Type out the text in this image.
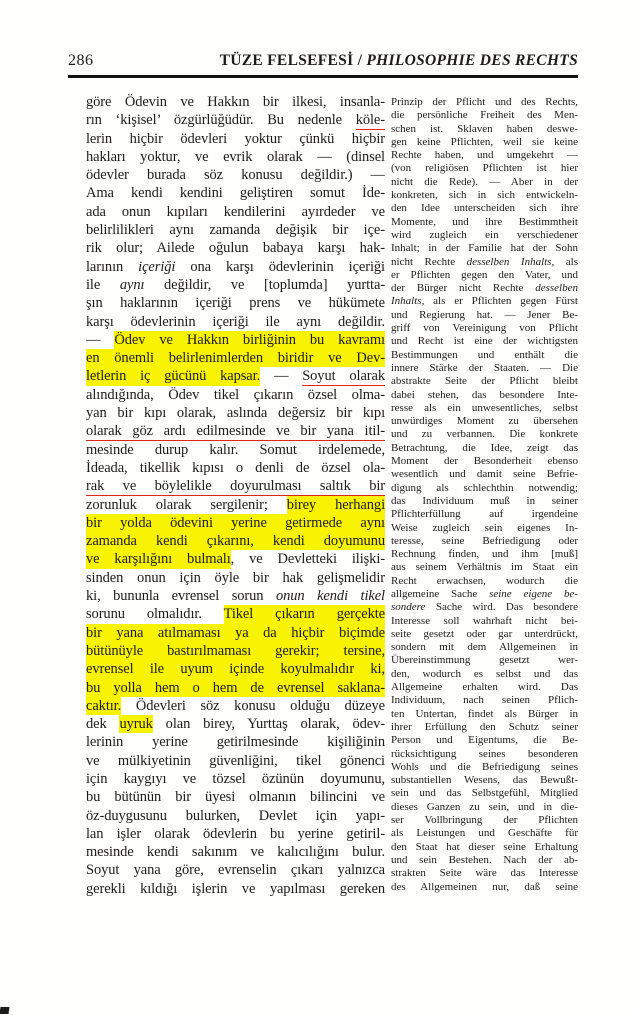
286	TÜZE FELSEFESİ / PHILOSOPHIE DES RECHTS
göre Ödevin ve Hakkın bir ilkesi, insanla-
rın ‘kişisel’ özgürlüğüdür. Bu nedenle köle-
lerin hiçbir ödevleri yoktur çünkü hiçbir
hakları yoktur, ve evrik olarak — (dinsel
ödevler burada söz konusu değildir.) —
Ama kendi kendini geliştiren somut İde-
ada onun kıpıları kendilerini ayırdeder ve
belirlilikleri aynı zamanda değişik bir içe-
rik olur; Ailede oğulun babaya karşı hak-
larının içeriği ona karşı ödevlerinin içeriği
ile aynı değildir, ve [toplumda] yurtta-
şın haklarının içeriği prens ve hükümete
karşı ödevlerinin içeriği ile aynı değildir.
— Ödev ve Hakkın birliğinin bu kavramı
en önemli belirlenimlerden biridir ve Dev-
letlerin iç gücünü kapsar. — Soyut olarak
alındığında, Ödev tikel çıkarın özsel olma-
yan bir kıpı olarak, aslında değersiz bir kıpı
olarak göz ardı edilmesinde ve bir yana itil-
mesinde durup kalır. Somut irdelemede,
İdeada, tikellik kıpısı o denli de özsel ola-
rak ve böylelikle doyurulması saltık bir
zorunluk olarak sergilenir; birey herhangi
bir yolda ödevini yerine getirmede aynı
zamanda kendi çıkarını, kendi doyumunu
ve karşılığını bulmalı, ve Devletteki ilişki-
sinden onun için öyle bir hak gelişmelidir
ki, bununla evrensel sorun onun kendi tikel
sorunu olmalıdır. Tikel çıkarın gerçekte
bir yana atılmaması ya da hiçbir biçimde
bütünüyle bastırılmaması gerekir; tersine,
evrensel ile uyum içinde koyulmalıdır ki,
bu yolla hem o hem de evrensel saklana-
caktır. Ödevleri söz konusu olduğu düzeye
dek uyruk olan birey, Yurttaş olarak, ödev-
lerinin yerine getirilmesinde kişiliğinin
ve mülkiyetinin güvenliğini, tikel gönenci
için kaygıyı ve tözsel özünün doyumunu,
bu bütünün bir üyesi olmanın bilincini ve
öz-duygusunu bulurken, Devlet için yapı-
lan işler olarak ödevlerin bu yerine getiril-
mesinde kendi sakınım ve kalıcılığını bulur.
Soyut yana göre, evrenselin çıkarı yalnızca
gerekli kıldığı işlerin ve yapılması gereken
Prinzip der Pflicht und des Rechts,
die persönliche Freiheit des Men-
schen ist. Sklaven haben deswe-
gen keine Pflichten, weil sie keine
Rechte haben, und umgekehrt —
(von religiösen Pflichten ist hier
nicht die Rede). — Aber in der
konkreten, sich in sich entwickeln-
den Idee unterscheiden sich ihre
Momente, und ihre Bestimmtheit
wird zugleich ein verschiedener
Inhalt; in der Familie hat der Sohn
nicht Rechte desselben Inhalts, als
er Pflichten gegen den Vater, und
der Bürger nicht Rechte desselben
Inhalts, als er Pflichten gegen Fürst
und Regierung hat. — Jener Be-
griff von Vereinigung von Pflicht
und Recht ist eine der wichtigsten
Bestimmungen und enthält die
innere Stärke der Staaten. — Die
abstrakte Seite der Pflicht bleibt
dabei stehen, das besondere Inte-
resse als ein unwesentliches, selbst
unwürdiges Moment zu übersehen
und zu verbannen. Die konkrete
Betrachtung, die Idee, zeigt das
Moment der Besonderheit ebenso
wesentlich und damit seine Befrie-
digung als schlechthin notwendig;
das Individuum muß in seiner
Pflichterfüllung auf irgendeine
Weise zugleich sein eigenes In-
teresse, seine Befriedigung oder
Rechnung finden, und ihm [muß]
aus seinem Verhältnis im Staat ein
Recht erwachsen, wodurch die
allgemeine Sache seine eigene be-
sondere Sache wird. Das besondere
Interesse soll wahrhaft nicht bei-
seite gesetzt oder gar unterdrückt,
sondern mit dem Allgemeinen in
Übereinstimmung gesetzt wer-
den, wodurch es selbst und das
Allgemeine erhalten wird. Das
Individuum, nach seinen Pflich-
ten Untertan, findet als Bürger in
ihrer Erfüllung den Schutz seiner
Person und Eigentums, die Be-
rücksichtigung seines besonderen
Wohls und die Befriedigung seines
substantiellen Wesens, das Bewußt-
sein und das Selbstgefühl, Mitglied
dieses Ganzen zu sein, und in die-
ser Vollbringung der Pflichten
als Leistungen und Geschäfte für
den Staat hat dieser seine Erhaltung
und sein Bestehen. Nach der ab-
strakten Seite wäre das Interesse
des Allgemeinen nur, daß seine
